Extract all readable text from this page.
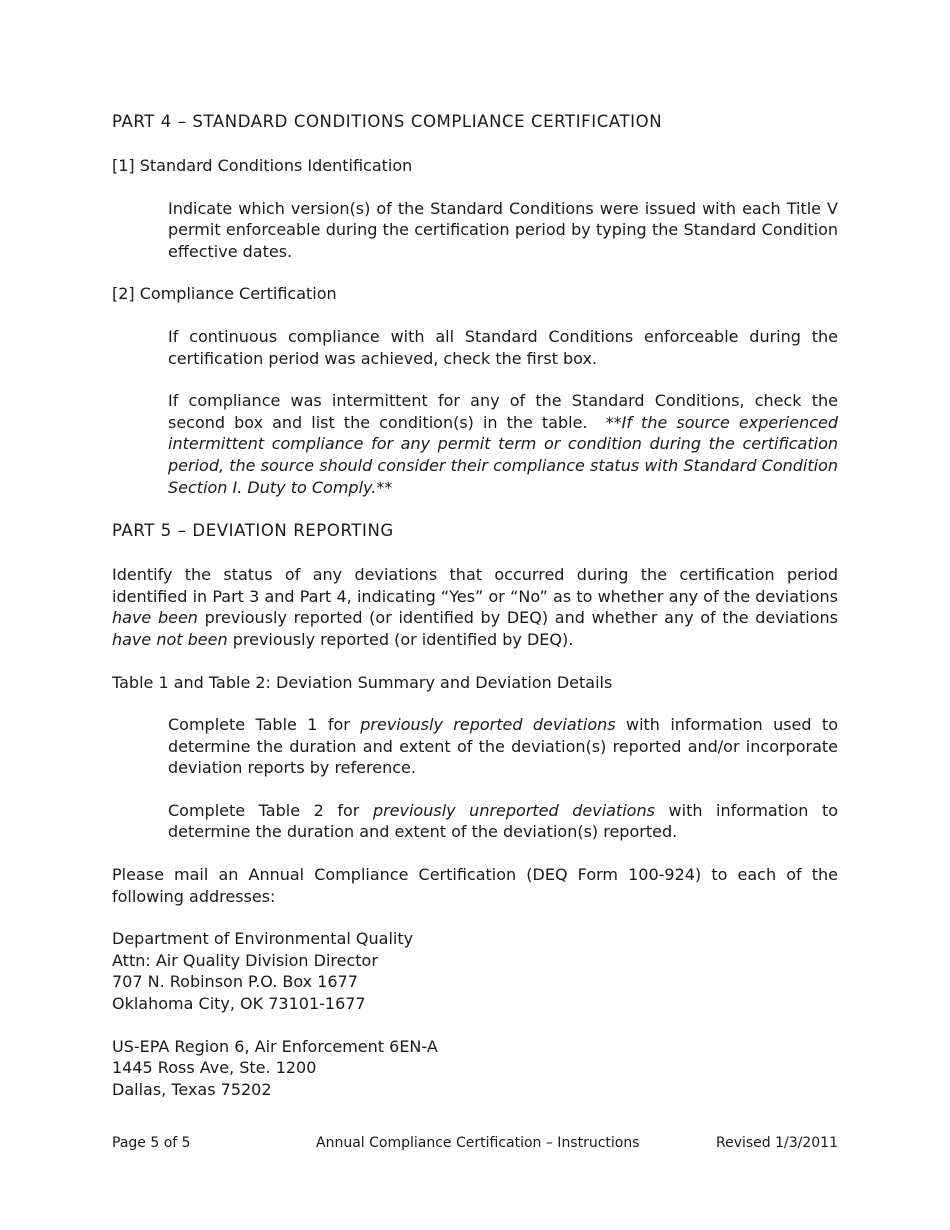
PART 4 – STANDARD CONDITIONS COMPLIANCE CERTIFICATION

[1] Standard Conditions Identification

Indicate which version(s) of the Standard Conditions were issued with each Title V permit enforceable during the certification period by typing the Standard Condition effective dates.

[2] Compliance Certification

If continuous compliance with all Standard Conditions enforceable during the certification period was achieved, check the first box.

If compliance was intermittent for any of the Standard Conditions, check the second box and list the condition(s) in the table. **If the source experienced intermittent compliance for any permit term or condition during the certification period, the source should consider their compliance status with Standard Condition Section I. Duty to Comply.**

PART 5 – DEVIATION REPORTING

Identify the status of any deviations that occurred during the certification period identified in Part 3 and Part 4, indicating “Yes” or “No” as to whether any of the deviations have been previously reported (or identified by DEQ) and whether any of the deviations have not been previously reported (or identified by DEQ).

Table 1 and Table 2: Deviation Summary and Deviation Details

Complete Table 1 for previously reported deviations with information used to determine the duration and extent of the deviation(s) reported and/or incorporate deviation reports by reference.

Complete Table 2 for previously unreported deviations with information to determine the duration and extent of the deviation(s) reported.

Please mail an Annual Compliance Certification (DEQ Form 100-924) to each of the following addresses:

Department of Environmental Quality

Attn: Air Quality Division Director

707 N. Robinson P.O. Box 1677

Oklahoma City, OK 73101-1677

US-EPA Region 6, Air Enforcement 6EN-A

1445 Ross Ave, Ste. 1200

Dallas, Texas 75202

Page 5 of 5	Annual Compliance Certification – Instructions	Revised 1/3/2011
